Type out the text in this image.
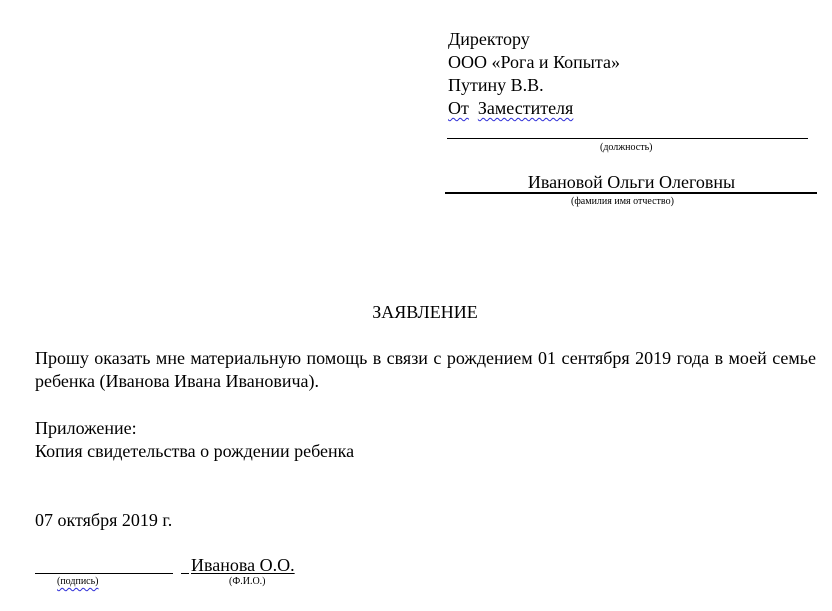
Директору
ООО «Рога и Копыта»
Путину В.В.
От Заместителя
(должность)
Ивановой Ольги Олеговны
(фамилия имя отчество)
ЗАЯВЛЕНИЕ
Прошу оказать мне материальную помощь в связи с рождением 01 сентября 2019 года в моей семье ребенка (Иванова Ивана Ивановича).
Приложение:
Копия свидетельства о рождении ребенка
07 октября 2019 г.
(подпись)
Иванова О.О.
(Ф.И.О.)
